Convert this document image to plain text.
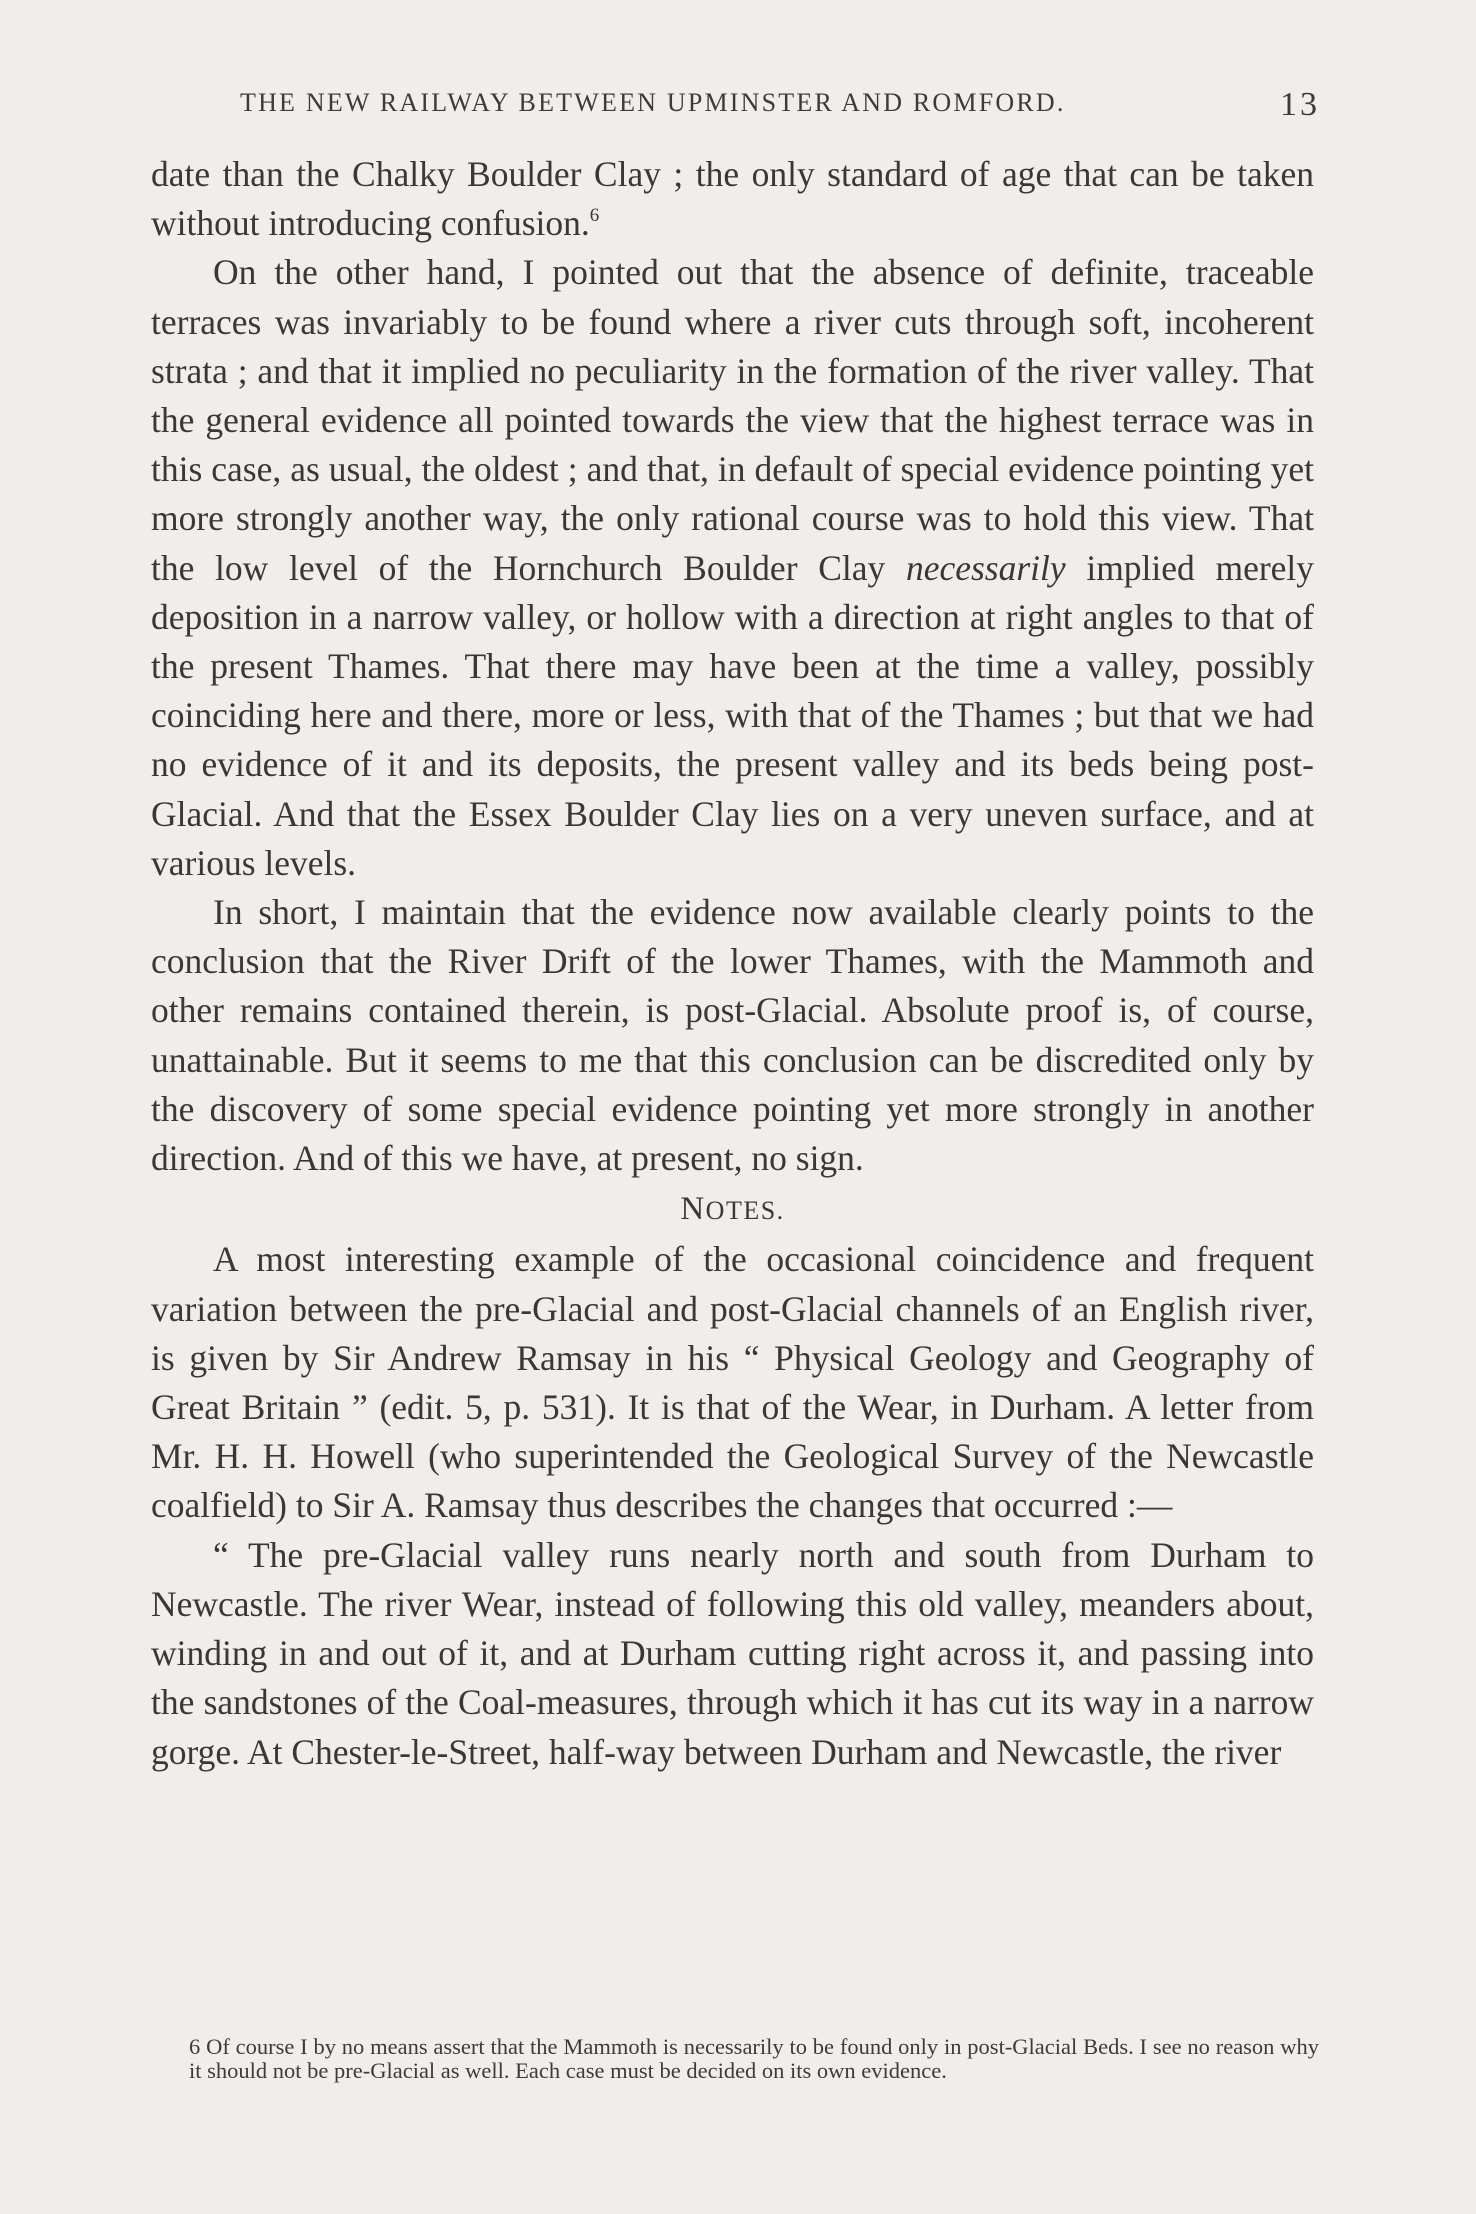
THE NEW RAILWAY BETWEEN UPMINSTER AND ROMFORD.	13

date than the Chalky Boulder Clay ; the only standard of age that can be taken without introducing confusion.$^6$

On the other hand, I pointed out that the absence of definite, traceable terraces was invariably to be found where a river cuts through soft, incoherent strata ; and that it implied no peculiarity in the formation of the river valley. That the general evidence all pointed towards the view that the highest terrace was in this case, as usual, the oldest ; and that, in default of special evidence pointing yet more strongly another way, the only rational course was to hold this view. That the low level of the Hornchurch Boulder Clay necessarily implied merely deposition in a narrow valley, or hollow with a direction at right angles to that of the present Thames. That there may have been at the time a valley, possibly coinciding here and there, more or less, with that of the Thames ; but that we had no evidence of it and its deposits, the present valley and its beds being post-Glacial. And that the Essex Boulder Clay lies on a very uneven surface, and at various levels.

In short, I maintain that the evidence now available clearly points to the conclusion that the River Drift of the lower Thames, with the Mammoth and other remains contained therein, is post-Glacial. Absolute proof is, of course, unattainable. But it seems to me that this conclusion can be discredited only by the discovery of some special evidence pointing yet more strongly in another direction. And of this we have, at present, no sign.

NOTES.

A most interesting example of the occasional coincidence and frequent variation between the pre-Glacial and post-Glacial channels of an English river, is given by Sir Andrew Ramsay in his “ Physical Geology and Geography of Great Britain ” (edit. 5, p. 531). It is that of the Wear, in Durham. A letter from Mr. H. H. Howell (who superintended the Geological Survey of the Newcastle coalfield) to Sir A. Ramsay thus describes the changes that occurred :—

“ The pre-Glacial valley runs nearly north and south from Durham to Newcastle. The river Wear, instead of following this old valley, meanders about, winding in and out of it, and at Durham cutting right across it, and passing into the sandstones of the Coal-measures, through which it has cut its way in a narrow gorge. At Chester-le-Street, half-way between Durham and Newcastle, the river

6 Of course I by no means assert that the Mammoth is necessarily to be found only in post-Glacial Beds. I see no reason why it should not be pre-Glacial as well. Each case must be decided on its own evidence.
